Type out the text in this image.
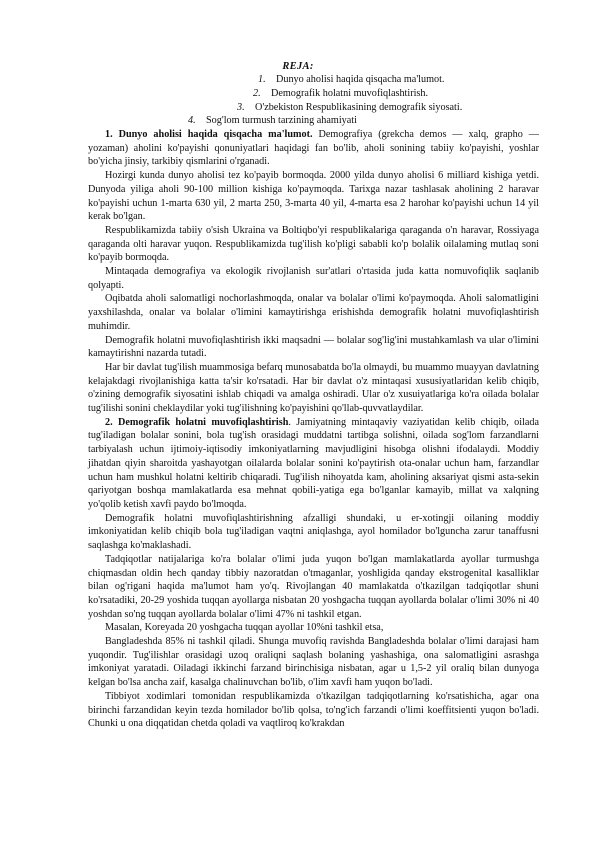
REJA:
1. Dunyo aholisi haqida qisqacha ma'lumot.
2. Demografik holatni muvofiqlashtirish.
3. O'zbekiston Respublikasining demografik siyosati.
4. Sog'lom turmush tarzining ahamiyati

1. Dunyo aholisi haqida qisqacha ma'lumot. Demografiya (grekcha demos — xalq, grapho — yozaman) aholini ko'payishi qonuniyatlari haqidagi fan bo'lib, aholi sonining tabiiy ko'payishi, yoshlar bo'yicha jinsiy, tarkibiy qismlarini o'rganadi.

Hozirgi kunda dunyo aholisi tez ko'payib bormoqda. 2000 yilda dunyo aholisi 6 milliard kishiga yetdi. Dunyoda yiliga aholi 90-100 million kishiga ko'paymoqda. Tarixga nazar tashlasak aholining 2 haravar ko'payishi uchun 1-marta 630 yil, 2 marta 250, 3-marta 40 yil, 4-marta esa 2 harohar ko'payishi uchun 14 yil kerak bo'lgan.

Respublikamizda tabiiy o'sish Ukraina va Boltiqbo'yi respublikalariga qaraganda o'n haravar, Rossiyaga qaraganda olti haravar yuqon. Respublikamizda tug'ilish ko'pligi sababli ko'p bolalik oilalaming mutlaq soni ko'payib bormoqda.

Mintaqada demografiya va ekologik rivojlanish sur'atlari o'rtasida juda katta nomuvofiqlik saqlanib qolyapti.

Oqibatda aholi salomatligi nochorlashmoqda, onalar va bolalar o'limi ko'paymoqda. Aholi salomatligini yaxshilashda, onalar va bolalar o'limini kamaytirishga erishishda demografik holatni muvofiqlashtirish muhimdir.

Demografik holatni muvofiqlashtirish ikki maqsadni — bolalar sog'lig'ini mustahkamlash va ular o'limini kamaytirishni nazarda tutadi.

Har bir davlat tug'ilish muammosiga befarq munosabatda bo'la olmaydi, bu muammo muayyan davlatning kelajakdagi rivojlanishiga katta ta'sir ko'rsatadi. Har bir davlat o'z mintaqasi xususiyatlaridan kelib chiqib, o'zining demografik siyosatini ishlab chiqadi va amalga oshiradi. Ular o'z xusuiyatlariga ko'ra oilada bolalar tug'ilishi sonini cheklaydilar yoki tug'ilishning ko'payishini qo'llab-quvvatlaydilar.

2. Demografik holatni muvofiqlashtirish. Jamiyatning mintaqaviy vaziyatidan kelib chiqib, oilada tug'iladigan bolalar sonini, bola tug'ish orasidagi muddatni tartibga solishni, oilada sog'lom farzandlarni tarbiyalash uchun ijtimoiy-iqtisodiy imkoniyatlarning mavjudligini hisobga olishni ifodalaydi. Moddiy jihatdan qiyin sharoitda yashayotgan oilalarda bolalar sonini ko'paytirish ota-onalar uchun ham, farzandlar uchun ham mushkul holatni keltirib chiqaradi. Tug'ilish nihoyatda kam, aholining aksariyat qismi asta-sekin qariyotgan boshqa mamlakatlarda esa mehnat qobili-yatiga ega bo'lganlar kamayib, millat va xalqning yo'qolib ketish xavfi paydo bo'lmoqda.

Demografik holatni muvofiqlashtirishning afzalligi shundaki, u er-xotingji oilaning moddiy imkoniyatidan kelib chiqib bola tug'iladigan vaqtni aniqlashga, ayol homilador bo'lguncha zarur tanaffusni saqlashga ko'maklashadi.

Tadqiqotlar natijalariga ko'ra bolalar o'limi juda yuqon bo'lgan mamlakatlarda ayollar turmushga chiqmasdan oldin hech qanday tibbiy nazoratdan o'tmaganlar, yoshligida qanday ekstrogenital kasalliklar bilan og'rigani haqida ma'lumot ham yo'q. Rivojlangan 40 mamlakatda o'tkazilgan tadqiqotlar shuni ko'rsatadiki, 20-29 yoshida tuqqan ayollarga nisbatan 20 yoshgacha tuqqan ayollarda bolalar o'limi 30% ni 40 yoshdan so'ng tuqqan ayollarda bolalar o'limi 47% ni tashkil etgan.

Masalan, Koreyada 20 yoshgacha tuqqan ayollar 10%ni tashkil etsa,

Bangladeshda 85% ni tashkil qiladi. Shunga muvofiq ravishda Bangladeshda bolalar o'limi darajasi ham yuqondir. Tug'ilishlar orasidagi uzoq oraliqni saqlash bolaning yashashiga, ona salomatligini asrashga imkoniyat yaratadi. Oiladagi ikkinchi farzand birinchisiga nisbatan, agar u 1,5-2 yil oraliq bilan dunyoga kelgan bo'lsa ancha zaif, kasalga chalinuvchan bo'lib, o'lim xavfi ham yuqon bo'ladi.

Tibbiyot xodimlari tomonidan respublikamizda o'tkazilgan tadqiqotlarning ko'rsatishicha, agar ona birinchi farzandidan keyin tezda homilador bo'lib qolsa, to'ng'ich farzandi o'limi koeffitsienti yuqon bo'ladi. Chunki u ona diqqatidan chetda qoladi va vaqtliroq ko'krakdan
